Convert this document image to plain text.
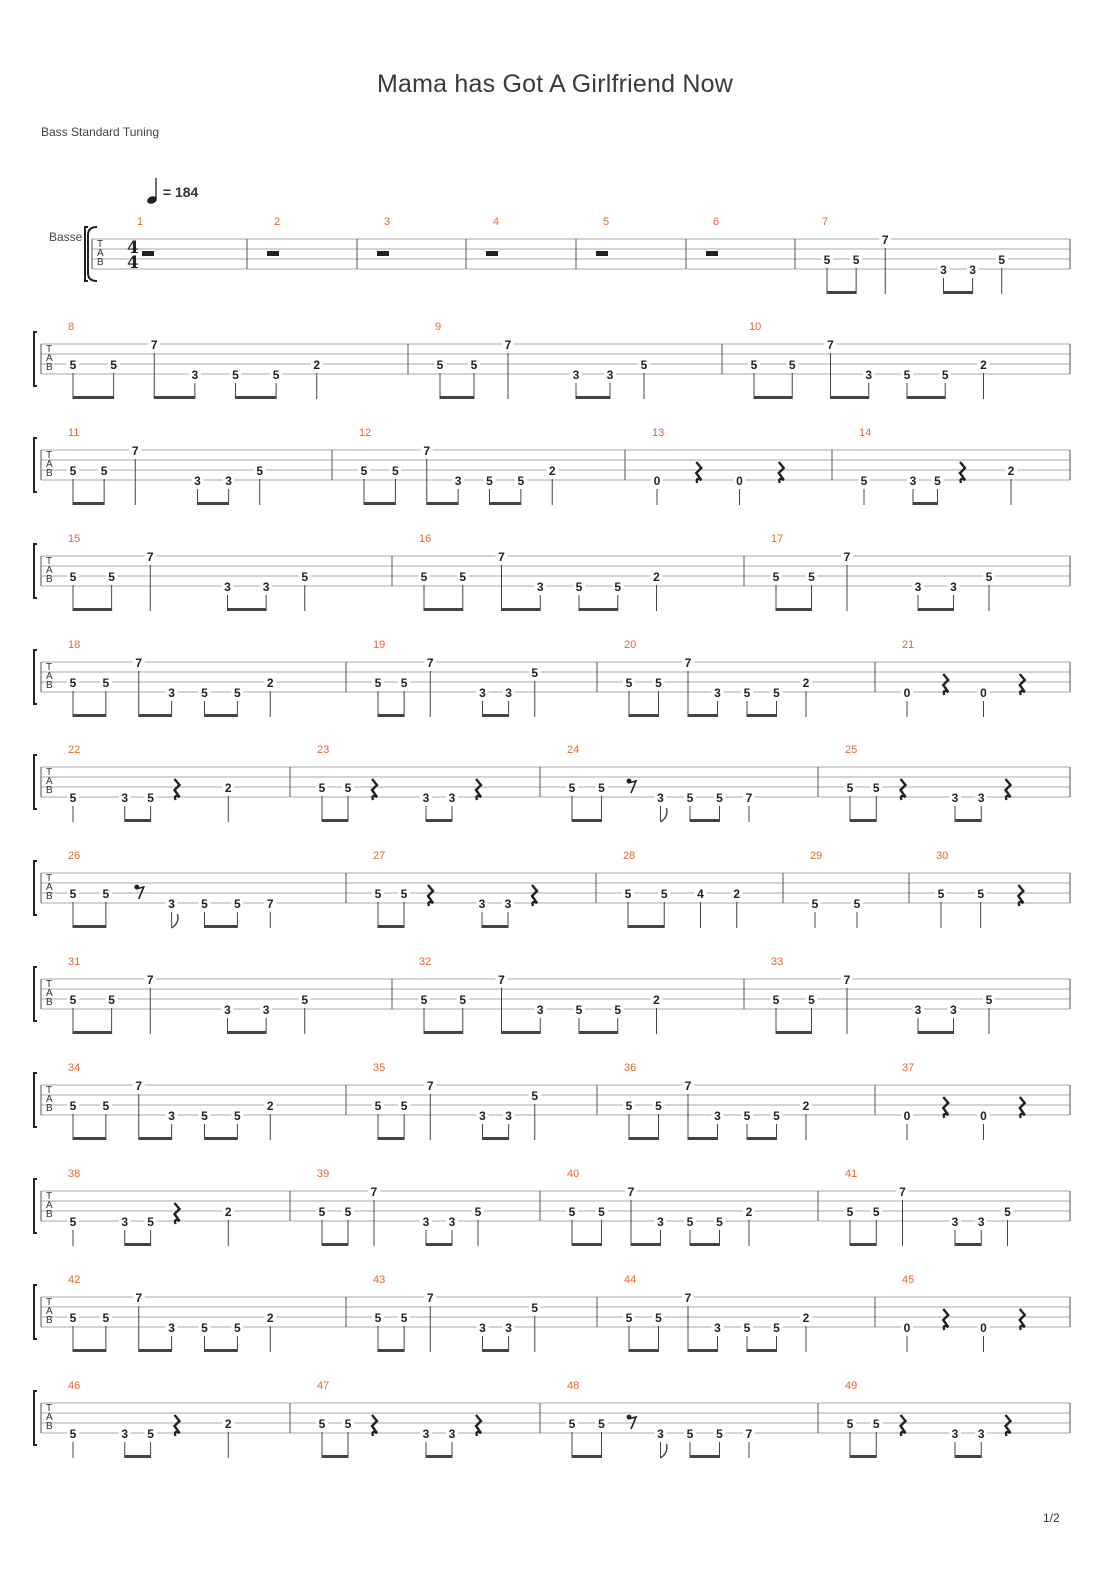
Mama has Got A Girlfriend Now
Bass Standard Tuning
= 184
1/2
Basse
T
A
B
1
4
4
2	3	4	5	6	7
5 5
7
3 3
5
T
A
B
8
5	5
7
3	5	5
2
9
5 5
7
3 3
5
10
5	5
7
3	5	5
2
T
A
B
11
5 5
7
3 3
5
12
5 5
7
3 5 5
2
13
0	0
14
5	3 5
2
T
A
B
15
5	5
7
3	3
5
16
5	5
7
3	5	5
2
17
5 5
7
3 3
5
T
A
B
18
5 5
7
3 5 5
2
19
5 5
7
3 3
5
20
5 5
7
3 5 5
2
21
0	0
T
A
B
22
5	3 5
2
23
5 5
3 3
24
5 5
3 5 5 7
25
5 5
3 3
T
A
B
26
5 5
3 5 5 7
27
5 5
3 3
28
5 5 4 2
29
5	5
30
5	5
T
A
B
31
5	5
7
3	3
5
32
5	5
7
3	5	5
2
33
5 5
7
3 3
5
T
A
B
34
5 5
7
3 5 5
2
35
5 5
7
3 3
5
36
5 5
7
3 5 5
2
37
0	0
T
A
B
38
5	3 5
2
39
5 5
7
3 3
5
40
5 5
7
3 5 5
2
41
5 5
7
3 3
5
T
A
B
42
5 5
7
3 5 5
2
43
5 5
7
3 3
5
44
5 5
7
3 5 5
2
45
0	0
T
A
B
46
5	3 5
2
47
5 5
3 3
48
5 5
3 5 5 7
49
5 5
3 3
